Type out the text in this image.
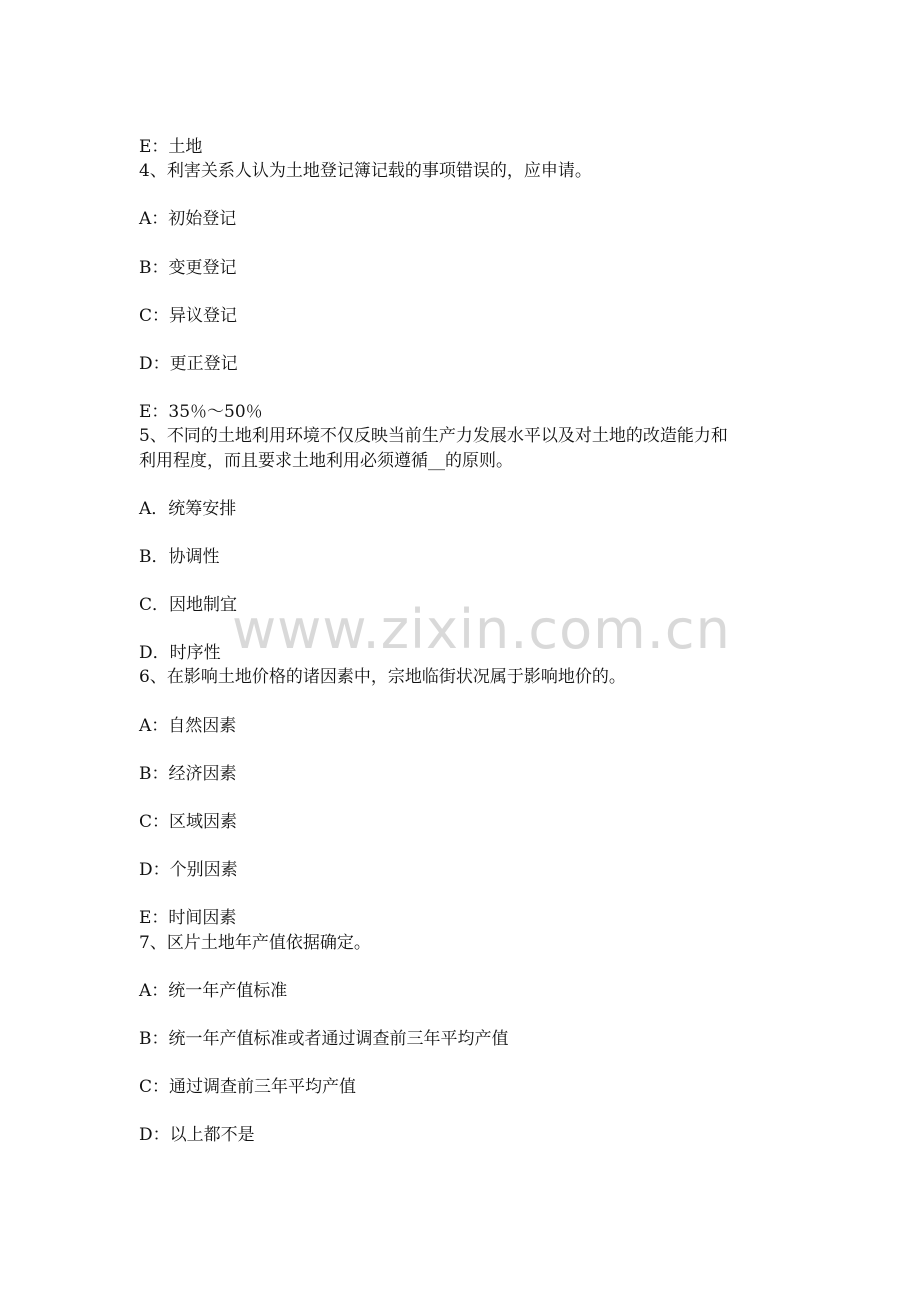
E：土地
4、利害关系人认为土地登记簿记载的事项错误的，应申请。
A：初始登记
B：变更登记
C：异议登记
D：更正登记
E：35％～50％
5、不同的土地利用环境不仅反映当前生产力发展水平以及对土地的改造能力和
利用程度，而且要求土地利用必须遵循__的原则。
A．统筹安排
B．协调性
C．因地制宜
D．时序性
6、在影响土地价格的诸因素中，宗地临街状况属于影响地价的。
A：自然因素
B：经济因素
C：区域因素
D：个别因素
E：时间因素
7、区片土地年产值依据确定。
A：统一年产值标准
B：统一年产值标准或者通过调查前三年平均产值
C：通过调查前三年平均产值
D：以上都不是
www.zixin.com.cn
